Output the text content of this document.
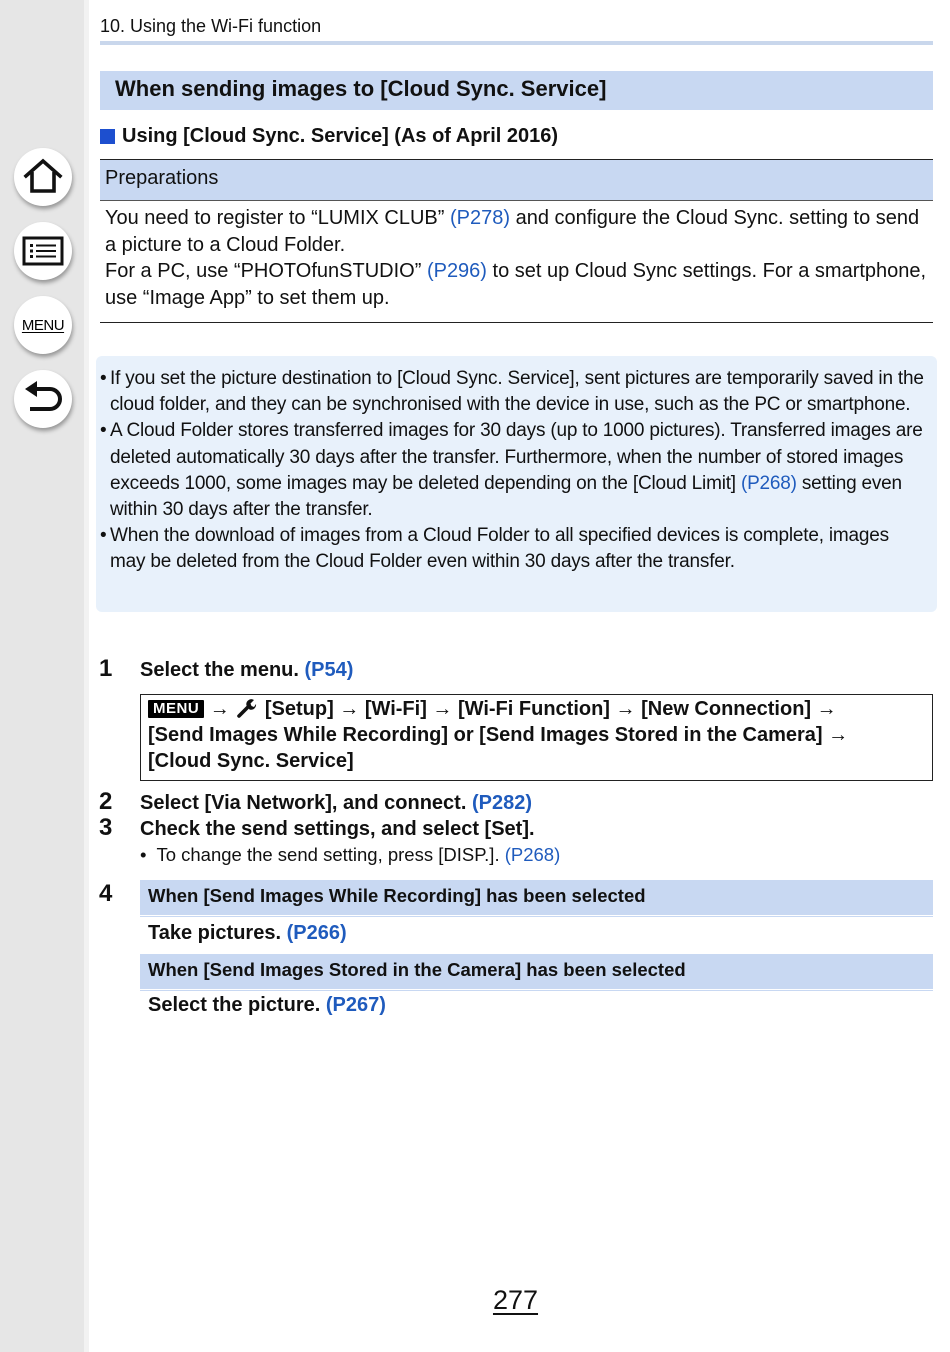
MENU
10. Using the Wi-Fi function
When sending images to [Cloud Sync. Service]
Using [Cloud Sync. Service] (As of April 2016)
Preparations

You need to register to “LUMIX CLUB” (P278) and configure the Cloud Sync. setting to send a picture to a Cloud Folder.

For a PC, use “PHOTOfunSTUDIO” (P296) to set up Cloud Sync settings. For a smartphone, use “Image App” to set them up.

• If you set the picture destination to [Cloud Sync. Service], sent pictures are temporarily saved in the cloud folder, and they can be synchronised with the device in use, such as the PC or smartphone.
• A Cloud Folder stores transferred images for 30 days (up to 1000 pictures). Transferred images are deleted automatically 30 days after the transfer. Furthermore, when the number of stored images exceeds 1000, some images may be deleted depending on the [Cloud Limit] (P268) setting even within 30 days after the transfer.
• When the download of images from a Cloud Folder to all specified devices is complete, images may be deleted from the Cloud Folder even within 30 days after the transfer.
1 Select the menu. (P54)
MENU →  [Setup] → [Wi-Fi] → [Wi-Fi Function] → [New Connection] →
[Send Images While Recording] or [Send Images Stored in the Camera] →
[Cloud Sync. Service]
2 Select [Via Network], and connect. (P282)
3 Check the send settings, and select [Set].
• To change the send setting, press [DISP.]. (P268)
4	When [Send Images While Recording] has been selected
Take pictures. (P266)
When [Send Images Stored in the Camera] has been selected
Select the picture. (P267)
277
